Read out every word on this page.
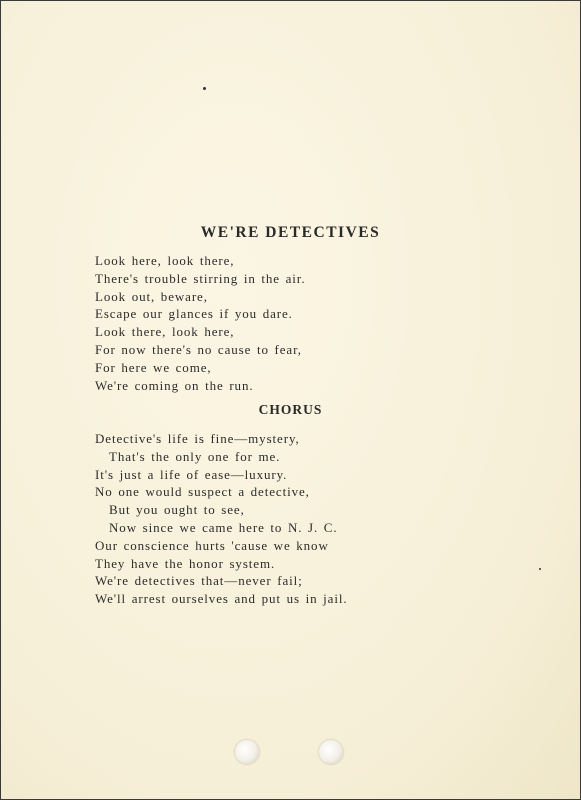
WE'RE DETECTIVES
Look here, look there,
There's trouble stirring in the air.
Look out, beware,
Escape our glances if you dare.
Look there, look here,
For now there's no cause to fear,
For here we come,
We're coming on the run.
CHORUS
Detective's life is fine—mystery,
That's the only one for me.
It's just a life of ease—luxury.
No one would suspect a detective,
But you ought to see,
Now since we came here to N. J. C.
Our conscience hurts 'cause we know
They have the honor system.
We're detectives that—never fail;
We'll arrest ourselves and put us in jail.
